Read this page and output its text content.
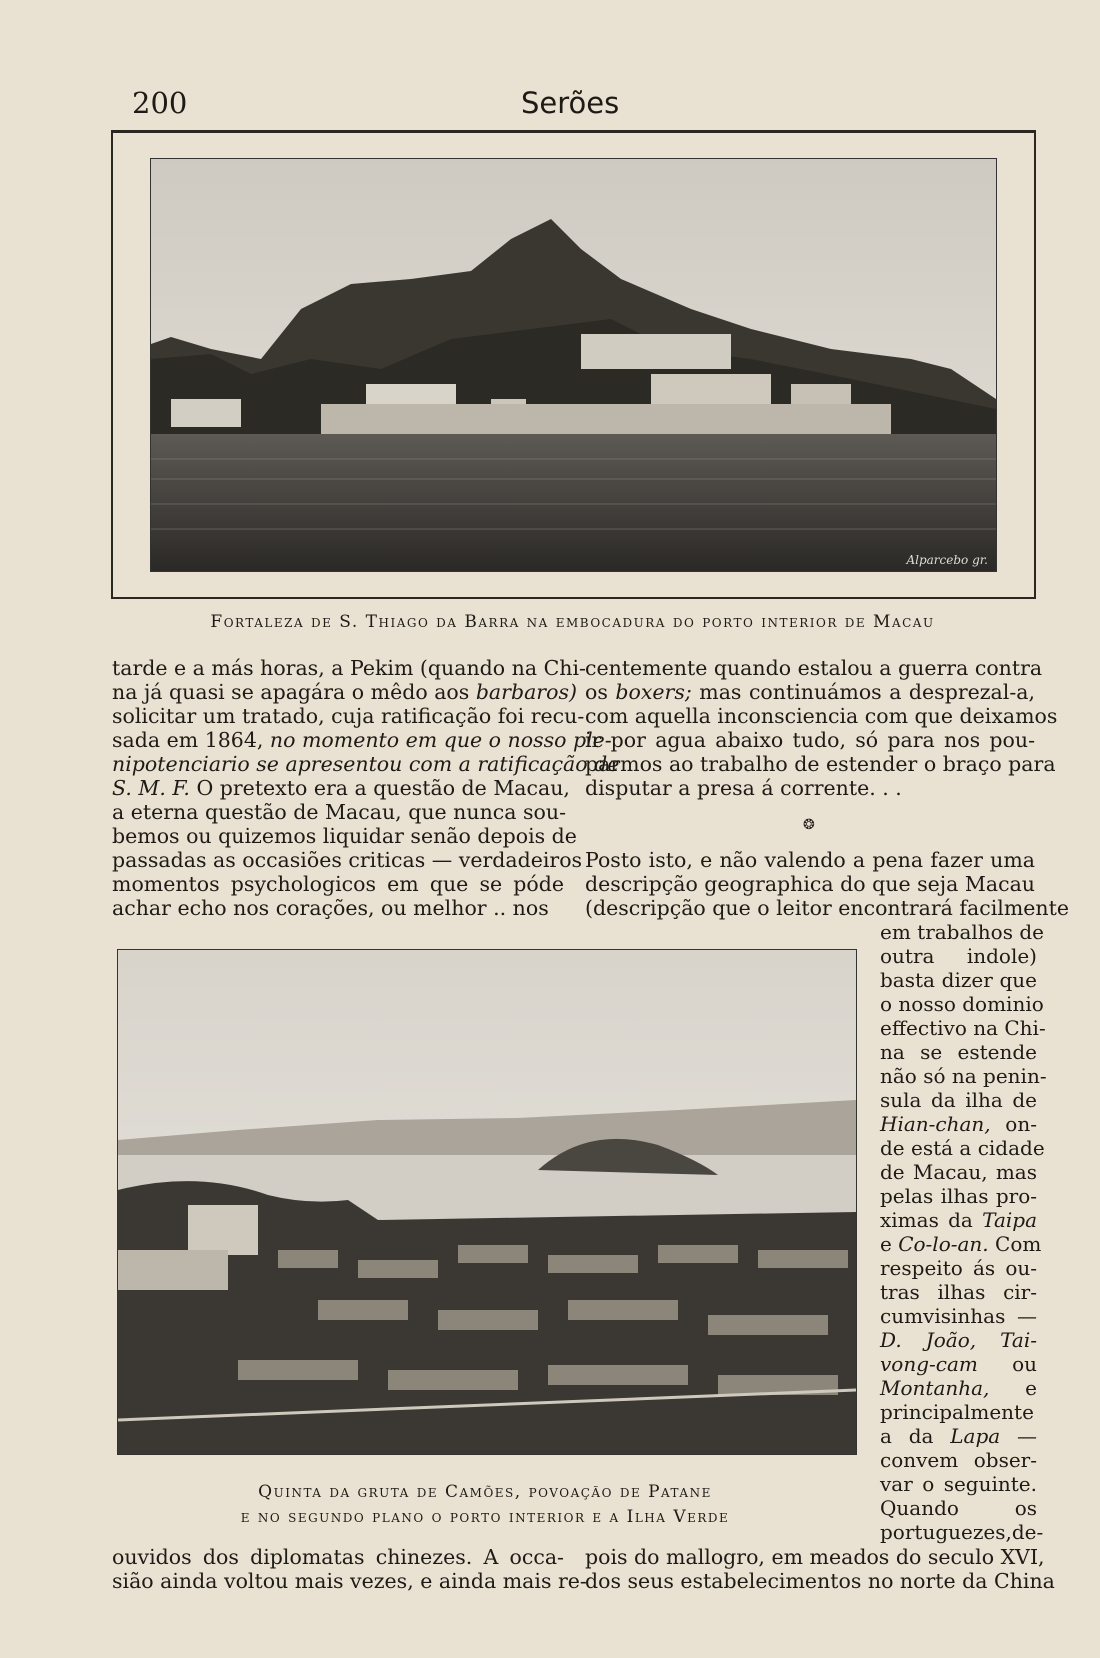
200	Serões
Alparcebo gr.
Fortaleza de S. Thiago da Barra na embocadura do porto interior de Macau
tarde e a más horas, a Pekim (quando na Chi-
na já quasi se apagára o mêdo aos barbaros)
solicitar um tratado, cuja ratificação foi recu-
sada em 1864, no momento em que o nosso ple-
nipotenciario se apresentou com a ratificação de
S. M. F. O pretexto era a questão de Macau,
a eterna questão de Macau, que nunca sou-
bemos ou quizemos liquidar senão depois de
passadas as occasiões criticas — verdadeiros
momentos psychologicos em que se póde
achar echo nos corações, ou melhor .. nos
centemente quando estalou a guerra contra
os boxers; mas continuámos a desprezal-a,
com aquella inconsciencia com que deixamos
ir por agua abaixo tudo, só para nos pou-
parmos ao trabalho de estender o braço para
disputar a presa á corrente. . .
❂
Posto isto, e não valendo a pena fazer uma
descripção geographica do que seja Macau
(descripção que o leitor encontrará facilmente
em trabalhos de
outra indole)
basta dizer que
o nosso dominio
effectivo na Chi-
na se estende
não só na penin-
sula da ilha de
Hian-chan, on-
de está a cidade
de Macau, mas
pelas ilhas pro-
ximas da Taipa
e Co-lo-an. Com
respeito ás ou-
tras ilhas cir-
cumvisinhas —
D. João, Tai-
vong-cam ou
Montanha, e
principalmente
a da Lapa —
convem obser-
var o seguinte.
Quando os
portuguezes,de-
Quinta da gruta de Camões, povoação de Patane
e no segundo plano o porto interior e a Ilha Verde
ouvidos dos diplomatas chinezes. A occa-
sião ainda voltou mais vezes, e ainda mais re-
pois do mallogro, em meados do seculo XVI,
dos seus estabelecimentos no norte da China
